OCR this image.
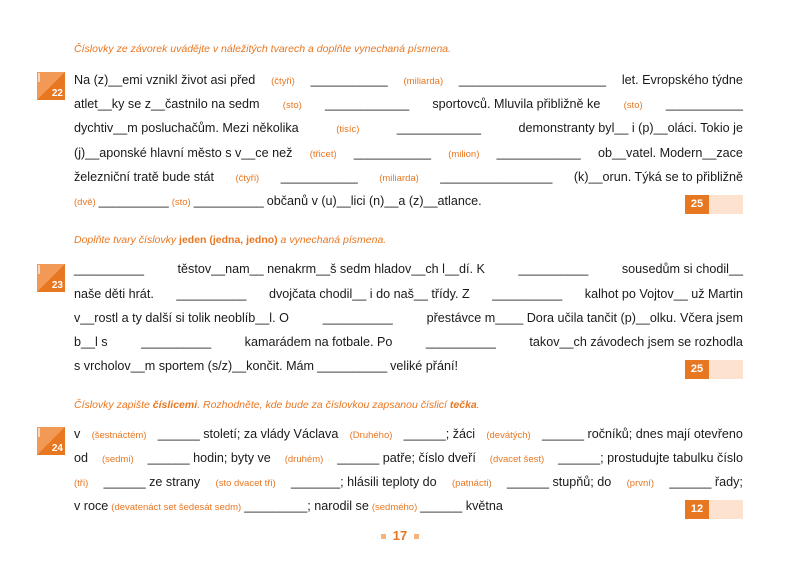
Číslovky ze závorek uvádějte v náležitých tvarech a doplňte vynechaná písmena.
22
Na (z)__emi vznikl život asi před (čtyři) ___________ (miliarda) _____________________ let. Evropského týdne
atlet__ky se z__častnilo na sedm (sto) ____________ sportovců. Mluvila přibližně ke (sto) ___________
dychtiv__m posluchačům. Mezi několika	(tisíc)	____________	demonstranty byl__ i (p)__oláci. Tokio je
(j)__aponské hlavní město s v__ce než (třicet) ___________ (milion) ____________ ob__vatel. Modern__zace
železniční tratě bude stát (čtyři) ___________ (miliarda) ________________ (k)__orun. Týká se to přibližně
(dvě) __________ (sto) __________ občanů v (u)__lici (n)__a (z)__atlance.	25
Doplňte tvary číslovky jeden (jedna, jedno) a vynechaná písmena.
23
__________	těstov__nam__ nenakrm__š sedm hladov__ch l__dí. K	__________	sousedům si chodil__
naše děti hrát. __________ dvojčata chodil__ i do naš__ třídy. Z __________ kalhot po Vojtov__ už Martin
v__rostl a ty další si tolik neoblíb__l. O	__________	přestávce m____ Dora učila tančit (p)__olku. Včera jsem
b__l s	__________	kamarádem na fotbale. Po	__________	takov__ch závodech jsem se rozhodla
s vrcholov__m sportem (s/z)__končit. Mám __________ veliké přání!	25
Číslovky zapište číslicemi. Rozhodněte, kde bude za číslovkou zapsanou číslicí tečka.
24
v (šestnáctém) ______ století; za vlády Václava (Druhého) ______; žáci (devátých) ______ ročníků; dnes mají otevřeno
od (sedmi) ______ hodin; byty ve (druhém) ______ patře; číslo dveří (dvacet šest) ______; prostudujte tabulku číslo
(tři) ______ ze strany (sto dvacet tři) _______; hlásili teploty do (patnácti) ______ stupňů; do (první) ______ řady;
v roce (devatenáct set šedesát sedm) _________; narodil se (sedmého) ______ května	12
17
